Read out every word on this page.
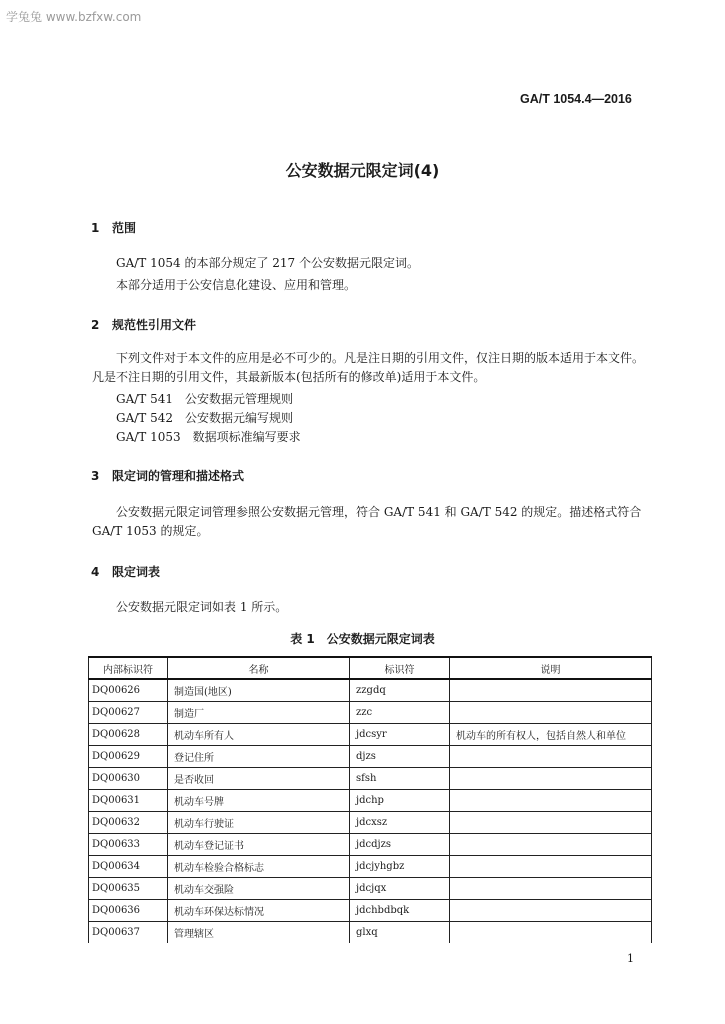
学兔兔 www.bzfxw.com
GA/T 1054.4—2016
公安数据元限定词(4)
1 范围
GA/T 1054 的本部分规定了 217 个公安数据元限定词。
本部分适用于公安信息化建设、应用和管理。
2 规范性引用文件
下列文件对于本文件的应用是必不可少的。凡是注日期的引用文件，仅注日期的版本适用于本文件。凡是不注日期的引用文件，其最新版本(包括所有的修改单)适用于本文件。
GA/T 541　公安数据元管理规则
GA/T 542　公安数据元编写规则
GA/T 1053　数据项标准编写要求
3 限定词的管理和描述格式
公安数据元限定词管理参照公安数据元管理，符合 GA/T 541 和 GA/T 542 的规定。描述格式符合 GA/T 1053 的规定。
4 限定词表
公安数据元限定词如表 1 所示。
表 1　公安数据元限定词表
内部标识符	名称	标识符	说明
DQ00626	制造国(地区)	zzgdq	
DQ00627	制造厂	zzc	
DQ00628	机动车所有人	jdcsyr	机动车的所有权人，包括自然人和单位
DQ00629	登记住所	djzs	
DQ00630	是否收回	sfsh	
DQ00631	机动车号牌	jdchp	
DQ00632	机动车行驶证	jdcxsz	
DQ00633	机动车登记证书	jdcdjzs	
DQ00634	机动车检验合格标志	jdcjyhgbz	
DQ00635	机动车交强险	jdcjqx	
DQ00636	机动车环保达标情况	jdchbdbqk	
DQ00637	管理辖区	glxq	
1
